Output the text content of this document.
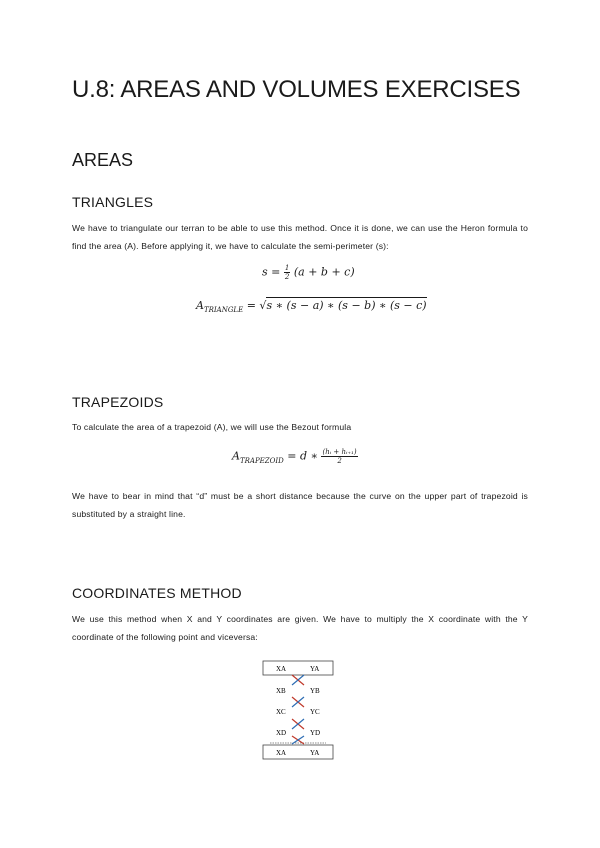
U.8: AREAS AND VOLUMES EXERCISES
AREAS
TRIANGLES
We have to triangulate our terran to be able to use this method. Once it is done, we can use the Heron formula to find the area (A). Before applying it, we have to calculate the semi-perimeter (s):
$s = \frac{1}{2} (a + b + c)$
$A_{TRIANGLE} = √s$ ∗ (s − a) ∗ (s − b) ∗ (s − c)
TRAPEZOIDS
To calculate the area of a trapezoid (A), we will use the Bezout formula
$A_{TRAPEZOID} = d$ ∗ $\frac{\text{(hᵢ + hᵢ₊₁)}}{2}$
We have to bear in mind that “d” must be a short distance because the curve on the upper part of trapezoid is substituted by a straight line.
COORDINATES METHOD
We use this method when X and Y coordinates are given. We have to multiply the X coordinate with the Y coordinate of the following point and viceversa:
XA	YA
XB	YB
XC	YC
XD	YD
XA	YA
